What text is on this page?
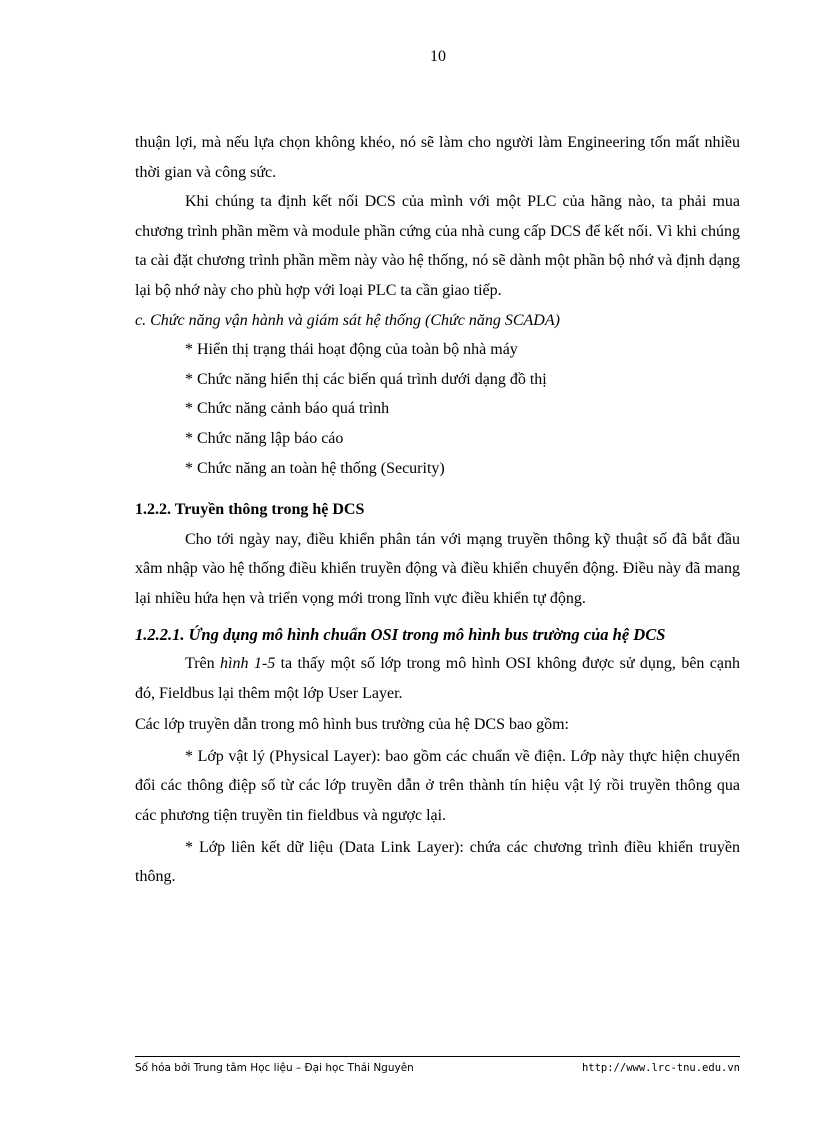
10

thuận lợi, mà nếu lựa chọn không khéo, nó sẽ làm cho người làm Engineering tốn mất nhiều thời gian và công sức.

Khi chúng ta định kết nối DCS của mình với một PLC của hãng nào, ta phải mua chương trình phần mềm và module phần cứng của nhà cung cấp DCS để kết nối. Vì khi chúng ta cài đặt chương trình phần mềm này vào hệ thống, nó sẽ dành một phần bộ nhớ và định dạng lại bộ nhớ này cho phù hợp với loại PLC ta cần giao tiếp.

c. Chức năng vận hành và giám sát hệ thống (Chức năng SCADA)

* Hiển thị trạng thái hoạt động của toàn bộ nhà máy

* Chức năng hiển thị các biến quá trình dưới dạng đồ thị

* Chức năng cảnh báo quá trình

* Chức năng lập báo cáo

* Chức năng an toàn hệ thống (Security)

1.2.2. Truyền thông trong hệ DCS

Cho tới ngày nay, điều khiển phân tán với mạng truyền thông kỹ thuật số đã bắt đầu xâm nhập vào hệ thống điều khiển truyền động và điều khiển chuyển động. Điều này đã mang lại nhiều hứa hẹn và triển vọng mới trong lĩnh vực điều khiển tự động.

1.2.2.1. Ứng dụng mô hình chuẩn OSI trong mô hình bus trường của hệ DCS

Trên hình 1-5 ta thấy một số lớp trong mô hình OSI không được sử dụng, bên cạnh đó, Fieldbus lại thêm một lớp User Layer.

Các lớp truyền dẫn trong mô hình bus trường của hệ DCS bao gồm:

* Lớp vật lý (Physical Layer): bao gồm các chuẩn về điện. Lớp này thực hiện chuyển đổi các thông điệp số từ các lớp truyền dẫn ở trên thành tín hiệu vật lý rồi truyền thông qua các phương tiện truyền tin fieldbus và ngược lại.

* Lớp liên kết dữ liệu (Data Link Layer): chứa các chương trình điều khiển truyền thông.

Số hóa bởi Trung tâm Học liệu – Đại học Thái Nguyên	http://www.lrc-tnu.edu.vn
